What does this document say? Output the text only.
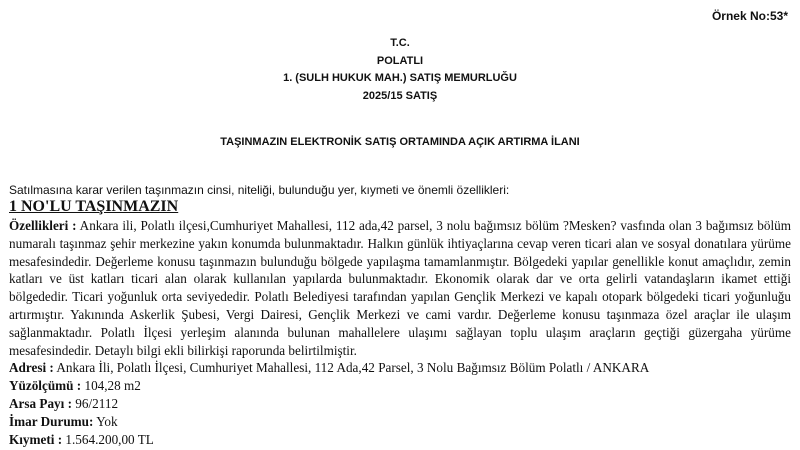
Örnek No:53*
T.C.
POLATLI
1. (SULH HUKUK MAH.) SATIŞ MEMURLUĞU
2025/15 SATIŞ
TAŞINMAZIN ELEKTRONİK SATIŞ ORTAMINDA AÇIK ARTIRMA İLANI
Satılmasına karar verilen taşınmazın cinsi, niteliği, bulunduğu yer, kıymeti ve önemli özellikleri:
1 NO'LU TAŞINMAZIN
Özellikleri : Ankara ili, Polatlı ilçesi,Cumhuriyet Mahallesi, 112 ada,42 parsel, 3 nolu bağımsız bölüm ?Mesken? vasfında olan 3 bağımsız bölüm numaralı taşınmaz şehir merkezine yakın konumda bulunmaktadır. Halkın günlük ihtiyaçlarına cevap veren ticari alan ve sosyal donatılara yürüme mesafesindedir. Değerleme konusu taşınmazın bulunduğu bölgede yapılaşma tamamlanmıştır. Bölgedeki yapılar genellikle konut amaçlıdır, zemin katları ve üst katları ticari alan olarak kullanılan yapılarda bulunmaktadır. Ekonomik olarak dar ve orta gelirli vatandaşların ikamet ettiği bölgededir. Ticari yoğunluk orta seviyededir. Polatlı Belediyesi tarafından yapılan Gençlik Merkezi ve kapalı otopark bölgedeki ticari yoğunluğu artırmıştır. Yakınında Askerlik Şubesi, Vergi Dairesi, Gençlik Merkezi ve cami vardır. Değerleme konusu taşınmaza özel araçlar ile ulaşım sağlanmaktadır. Polatlı İlçesi yerleşim alanında bulunan mahallelere ulaşımı sağlayan toplu ulaşım araçların geçtiği güzergaha yürüme mesafesindedir. Detaylı bilgi ekli bilirkişi raporunda belirtilmiştir.
Adresi : Ankara İli, Polatlı İlçesi, Cumhuriyet Mahallesi, 112 Ada,42 Parsel, 3 Nolu Bağımsız Bölüm Polatlı / ANKARA
Yüzölçümü : 104,28 m2
Arsa Payı : 96/2112
İmar Durumu: Yok
Kıymeti : 1.564.200,00 TL
